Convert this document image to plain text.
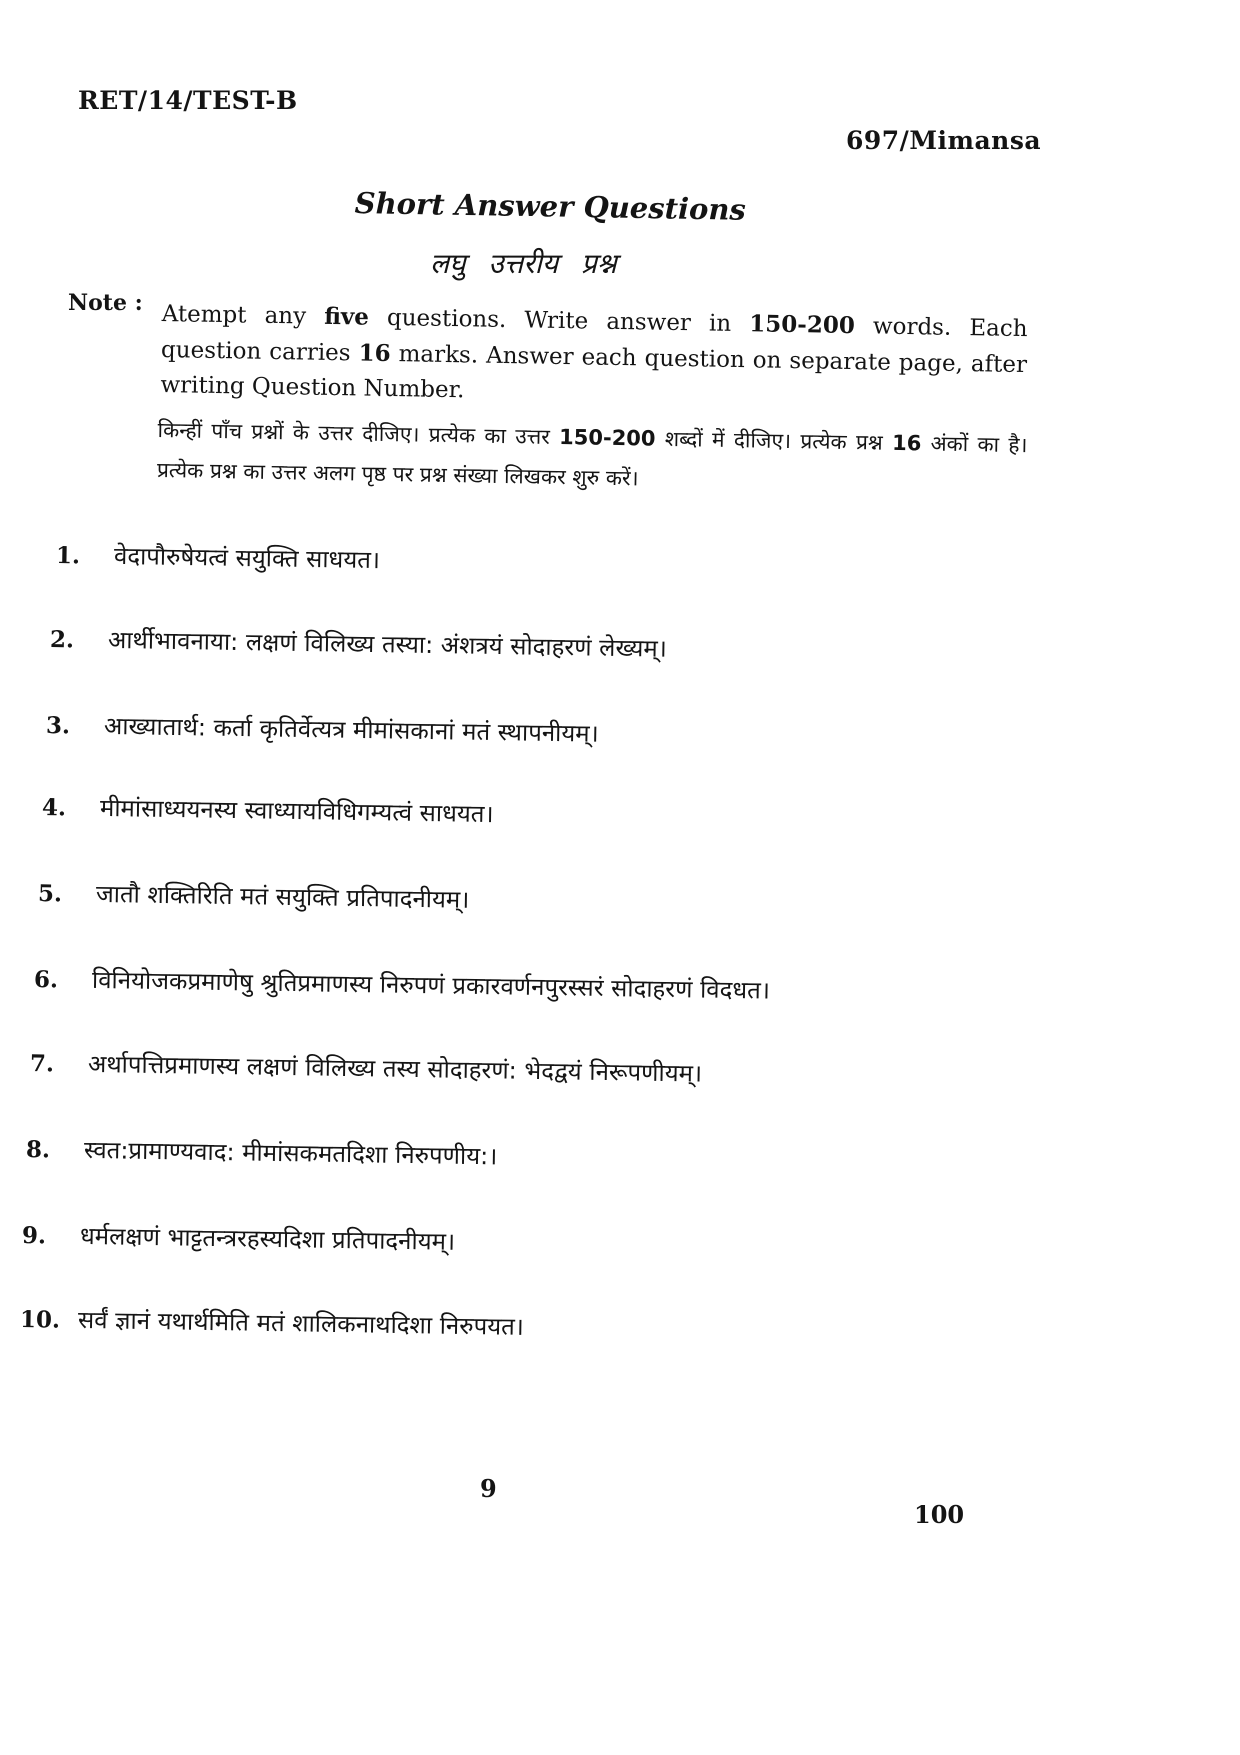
RET/14/TEST-B
697/Mimansa
Short Answer Questions
लघु उत्तरीय प्रश्न
Note : Atempt any five questions. Write answer in 150-200 words. Each question carries 16 marks. Answer each question on separate page, after writing Question Number.
किन्हीं पाँच प्रश्नों के उत्तर दीजिए। प्रत्येक का उत्तर 150-200 शब्दों में दीजिए। प्रत्येक प्रश्न 16 अंकों का है। प्रत्येक प्रश्न का उत्तर अलग पृष्ठ पर प्रश्न संख्या लिखकर शुरु करें।
1. वेदापौरुषेयत्वं सयुक्ति साधयत।
2. आर्थीभावनाया: लक्षणं विलिख्य तस्या: अंशत्रयं सोदाहरणं लेख्यम्।
3. आख्यातार्थ: कर्ता कृतिर्वेत्यत्र मीमांसकानां मतं स्थापनीयम्।
4. मीमांसाध्ययनस्य स्वाध्यायविधिगम्यत्वं साधयत।
5. जातौ शक्तिरिति मतं सयुक्ति प्रतिपादनीयम्।
6. विनियोजकप्रमाणेषु श्रुतिप्रमाणस्य निरुपणं प्रकारवर्णनपुरस्सरं सोदाहरणं विदधत।
7. अर्थापत्तिप्रमाणस्य लक्षणं विलिख्य तस्य सोदाहरणं: भेदद्वयं निरूपणीयम्।
8. स्वत:प्रामाण्यवाद: मीमांसकमतदिशा निरुपणीय:।
9. धर्मलक्षणं भाट्टतन्त्ररहस्यदिशा प्रतिपादनीयम्।
10. सर्वं ज्ञानं यथार्थमिति मतं शालिकनाथदिशा निरुपयत।
9
100
